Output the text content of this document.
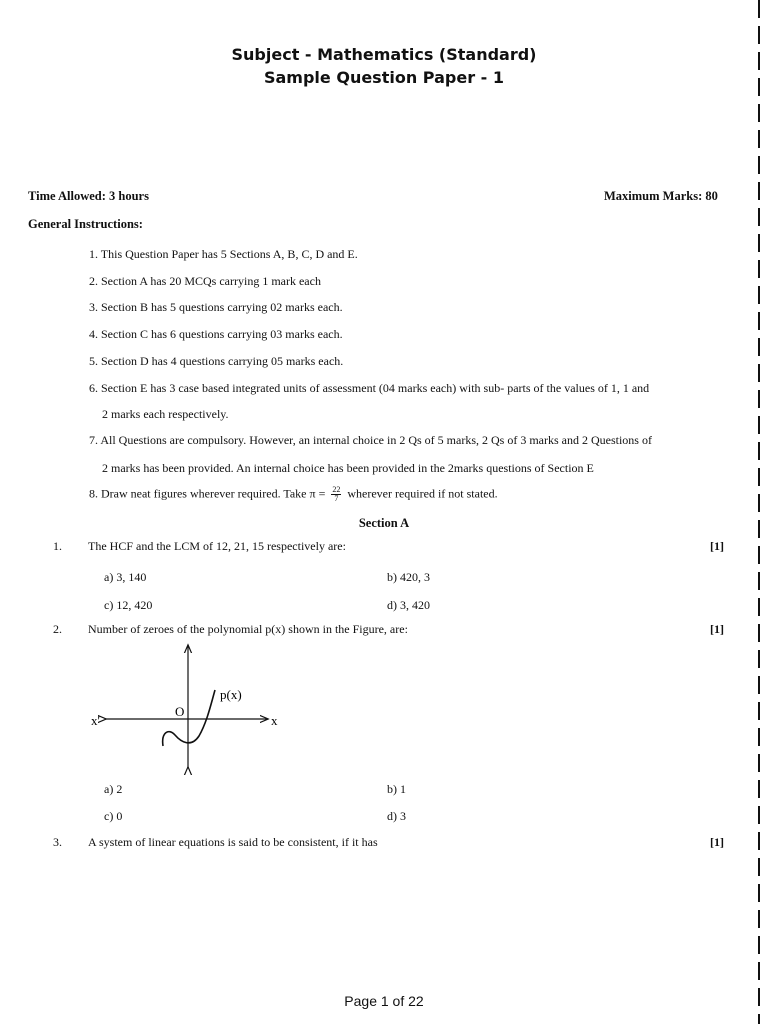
Subject - Mathematics (Standard)
Sample Question Paper - 1
Time Allowed: 3 hours	Maximum Marks: 80
General Instructions:
1. This Question Paper has 5 Sections A, B, C, D and E.
2. Section A has 20 MCQs carrying 1 mark each
3. Section B has 5 questions carrying 02 marks each.
4. Section C has 6 questions carrying 03 marks each.
5. Section D has 4 questions carrying 05 marks each.
6. Section E has 3 case based integrated units of assessment (04 marks each) with sub- parts of the values of 1, 1 and
2 marks each respectively.
7. All Questions are compulsory. However, an internal choice in 2 Qs of 5 marks, 2 Qs of 3 marks and 2 Questions of
2 marks has been provided. An internal choice has been provided in the 2marks questions of Section E
8. Draw neat figures wherever required. Take $\pi = \frac{22}{7}$ wherever required if not stated.
Section A
1. The HCF and the LCM of 12, 21, 15 respectively are:	[1]
a) 3, 140	b) 420, 3
c) 12, 420	d) 3, 420
2. Number of zeroes of the polynomial p(x) shown in the Figure, are:	[1]
p(x)
O
x'	x
a) 2	b) 1
c) 0	d) 3
3. A system of linear equations is said to be consistent, if it has	[1]
Page 1 of 22
